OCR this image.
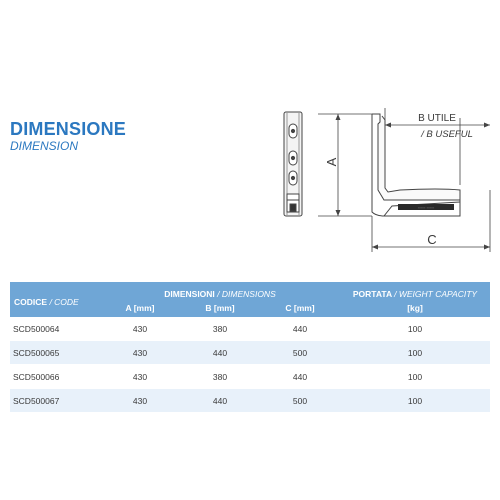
DIMENSIONE
DIMENSION
A
····· ·····
B UTILE
/ B USEFUL
C
CODICE / CODE	DIMENSIONI / DIMENSIONS			PORTATA / WEIGHT CAPACITY
	A [mm]	B [mm]	C [mm]	[kg]
SCD500064	430	380	440	100
SCD500065	430	440	500	100
SCD500066	430	380	440	100
SCD500067	430	440	500	100
